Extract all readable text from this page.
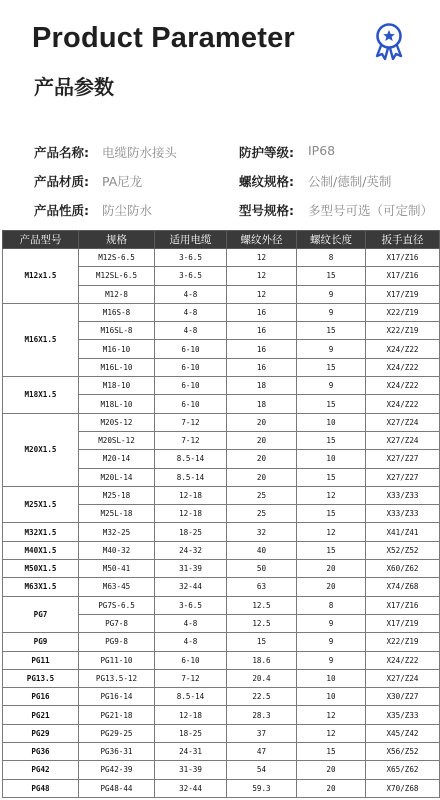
Product Parameter
产品参数
产品名称: 电缆防水接头	防护等级: IP68
产品材质: PA尼龙	螺纹规格: 公制/德制/英制
产品性质: 防尘防水	型号规格: 多型号可选（可定制）
产品型号	规格	适用电缆	螺纹外径	螺纹长度	扳手直径
M12x1.5	M12S-6.5	3-6.5	12	8	X17/Z16
	M12SL-6.5	3-6.5	12	15	X17/Z16
	M12-8	4-8	12	9	X17/Z19
M16X1.5	M16S-8	4-8	16	9	X22/Z19
	M16SL-8	4-8	16	15	X22/Z19
	M16-10	6-10	16	9	X24/Z22
	M16L-10	6-10	16	15	X24/Z22
M18X1.5	M18-10	6-10	18	9	X24/Z22
	M18L-10	6-10	18	15	X24/Z22
M20X1.5	M20S-12	7-12	20	10	X27/Z24
	M20SL-12	7-12	20	15	X27/Z24
	M20-14	8.5-14	20	10	X27/Z27
	M20L-14	8.5-14	20	15	X27/Z27
M25X1.5	M25-18	12-18	25	12	X33/Z33
	M25L-18	12-18	25	15	X33/Z33
M32X1.5	M32-25	18-25	32	12	X41/Z41
M40X1.5	M40-32	24-32	40	15	X52/Z52
M50X1.5	M50-41	31-39	50	20	X60/Z62
M63X1.5	M63-45	32-44	63	20	X74/Z68
PG7	PG7S-6.5	3-6.5	12.5	8	X17/Z16
	PG7-8	4-8	12.5	9	X17/Z19
PG9	PG9-8	4-8	15	9	X22/Z19
PG11	PG11-10	6-10	18.6	9	X24/Z22
PG13.5	PG13.5-12	7-12	20.4	10	X27/Z24
PG16	PG16-14	8.5-14	22.5	10	X30/Z27
PG21	PG21-18	12-18	28.3	12	X35/Z33
PG29	PG29-25	18-25	37	12	X45/Z42
PG36	PG36-31	24-31	47	15	X56/Z52
PG42	PG42-39	31-39	54	20	X65/Z62
PG48	PG48-44	32-44	59.3	20	X70/Z68
